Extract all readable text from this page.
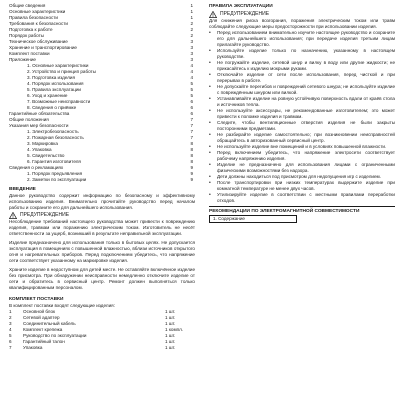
Общие сведения	1
Основные характеристики	1
Правила безопасности	1
Требования к безопасности	2
Подготовка к работе	2
Порядок работы	2
Техническое обслуживание	3
Хранение и транспортирование	3
Комплект поставки	3
Приложение	3
1. Основные характеристики	4
2. Устройство и принцип работы	4
3. Подготовка изделия	4
4. Порядок использования	5
5. Правила эксплуатации	5
6. Уход и хранение	5
7. Возможные неисправности	6
8. Сведения о приёмке	6
Гарантийные обязательства	6
Общие положения	7
Указания мер безопасности	7
1. Электробезопасность	7
2. Пожарная безопасность	7
3. Маркировка	8
4. Упаковка	8
5. Свидетельство	8
6. Гарантия изготовителя	8
Сведения о рекламациях	9
1. Порядок предъявления	9
2. Заметки по эксплуатации	9
ВВЕДЕНИЕ
Данное руководство содержит информацию по безопасному и эффективному использованию изделия. Внимательно прочитайте руководство перед началом работы и сохраните его для дальнейшего использования.
ПРЕДУПРЕЖДЕНИЕ
Несоблюдение требований настоящего руководства может привести к повреждению изделия, травмам или поражению электрическим током. Изготовитель не несёт ответственности за ущерб, возникший в результате неправильной эксплуатации.
Изделие предназначено для использования только в бытовых целях. Не допускается эксплуатация в помещениях с повышенной влажностью, вблизи источников открытого огня и нагревательных приборов. Перед подключением убедитесь, что напряжение сети соответствует указанному на маркировке изделия.
Храните изделие в недоступном для детей месте. Не оставляйте включённое изделие без присмотра. При обнаружении неисправности немедленно отключите изделие от сети и обратитесь в сервисный центр. Ремонт должен выполняться только квалифицированным персоналом.
КОМПЛЕКТ ПОСТАВКИ
В комплект поставки входят следующие изделия:
1	Основной блок	1 шт.
2	Сетевой адаптер	1 шт.
3	Соединительный кабель	1 шт.
4	Комплект крепежа	1 компл.
5	Руководство по эксплуатации	1 шт.
6	Гарантийный талон	1 шт.
7	Упаковка	1 шт.
ПРАВИЛА ЭКСПЛУАТАЦИИ
ПРЕДУПРЕЖДЕНИЕ
Для снижения риска возгорания, поражения электрическим током или травм соблюдайте следующие меры предосторожности при использовании изделия.
•	Перед использованием внимательно изучите настоящее руководство и сохраните его для дальнейшего использования; при передаче изделия третьим лицам прилагайте руководство.
•	Используйте изделие только по назначению, указанному в настоящем руководстве.
•	Не погружайте изделие, сетевой шнур и вилку в воду или другие жидкости; не прикасайтесь к изделию мокрыми руками.
•	Отключайте изделие от сети после использования, перед чисткой и при перерывах в работе.
•	Не допускайте перегибов и повреждений сетевого шнура; не используйте изделие с повреждённым шнуром или вилкой.
•	Устанавливайте изделие на ровную устойчивую поверхность вдали от краёв стола и источников тепла.
•	Не используйте аксессуары, не рекомендованные изготовителем; это может привести к поломке изделия и травмам.
•	Следите, чтобы вентиляционные отверстия изделия не были закрыты посторонними предметами.
•	Не разбирайте изделие самостоятельно; при возникновении неисправностей обращайтесь в авторизованный сервисный центр.
•	Не используйте изделие вне помещений и в условиях повышенной влажности.
•	Перед включением убедитесь, что напряжение электросети соответствует рабочему напряжению изделия.
•	Изделие не предназначено для использования лицами с ограниченными физическими возможностями без надзора.
•	Дети должны находиться под присмотром для недопущения игр с изделием.
•	После транспортировки при низких температурах выдержите изделие при комнатной температуре не менее двух часов.
•	Утилизируйте изделие в соответствии с местными правилами переработки отходов.
РЕКОМЕНДАЦИИ ПО ЭЛЕКТРОМАГНИТНОЙ СОВМЕСТИМОСТИ
1. Содержание
